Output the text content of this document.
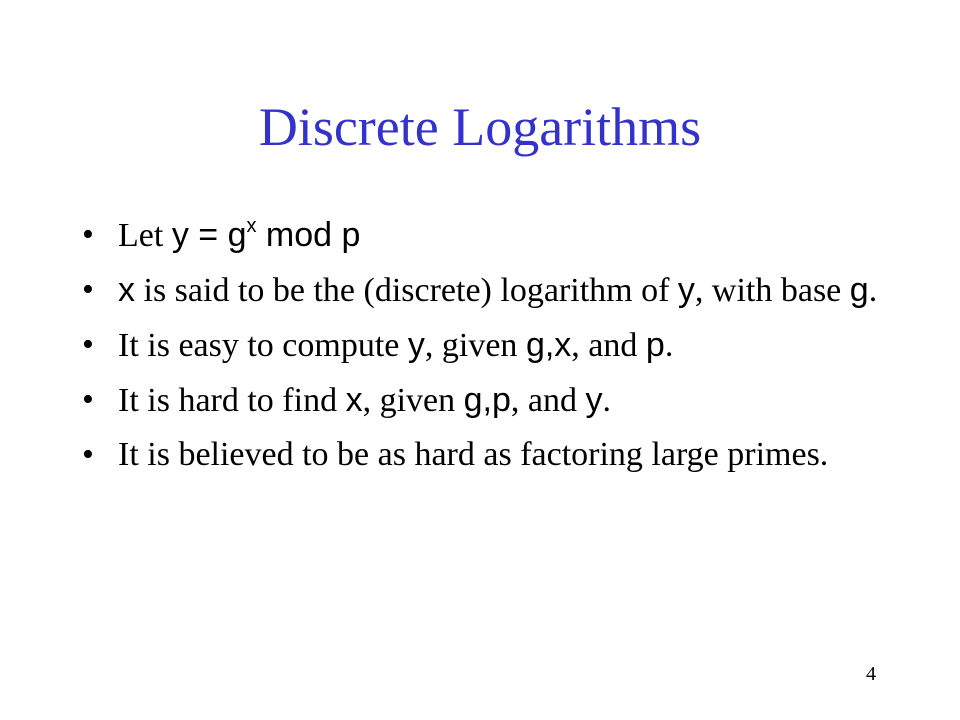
Discrete Logarithms
• Let $y = g^x$ mod p
• x is said to be the (discrete) logarithm of y, with base g.
• It is easy to compute y, given g,x, and p.
• It is hard to find x, given g,p, and y.
• It is believed to be as hard as factoring large primes.
4
